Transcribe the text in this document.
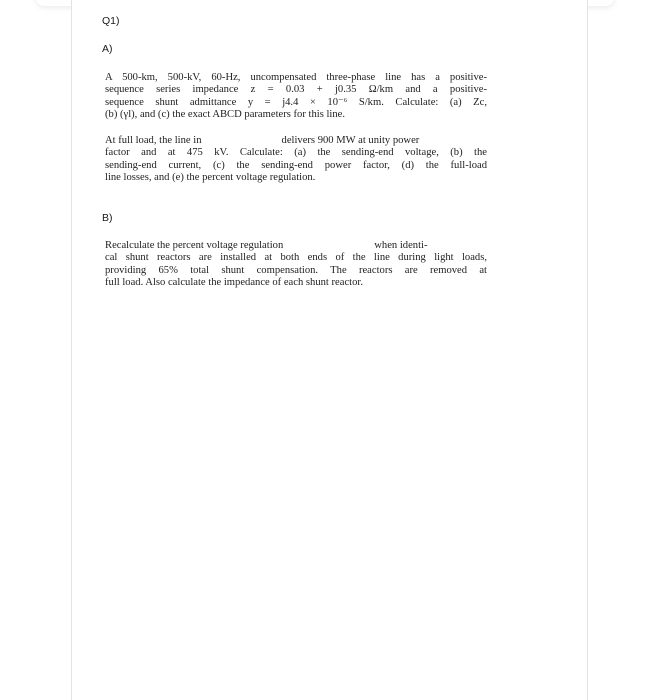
Q1)
A)

A 500-km, 500-kV, 60-Hz, uncompensated three-phase line has a positive-
sequence series impedance z = 0.03 + j0.35 Ω/km and a positive-
sequence shunt admittance y = j4.4 × 10⁻⁶ S/km. Calculate: (a) Zc,
(b) (γl), and (c) the exact ABCD parameters for this line.

At full load, the line in	delivers 900 MW at unity power
factor and at 475 kV. Calculate: (a) the sending-end voltage, (b) the
sending-end current, (c) the sending-end power factor, (d) the full-load
line losses, and (e) the percent voltage regulation.

B)

Recalculate the percent voltage regulation	when identi-
cal shunt reactors are installed at both ends of the line during light loads,
providing 65% total shunt compensation. The reactors are removed at
full load. Also calculate the impedance of each shunt reactor.
